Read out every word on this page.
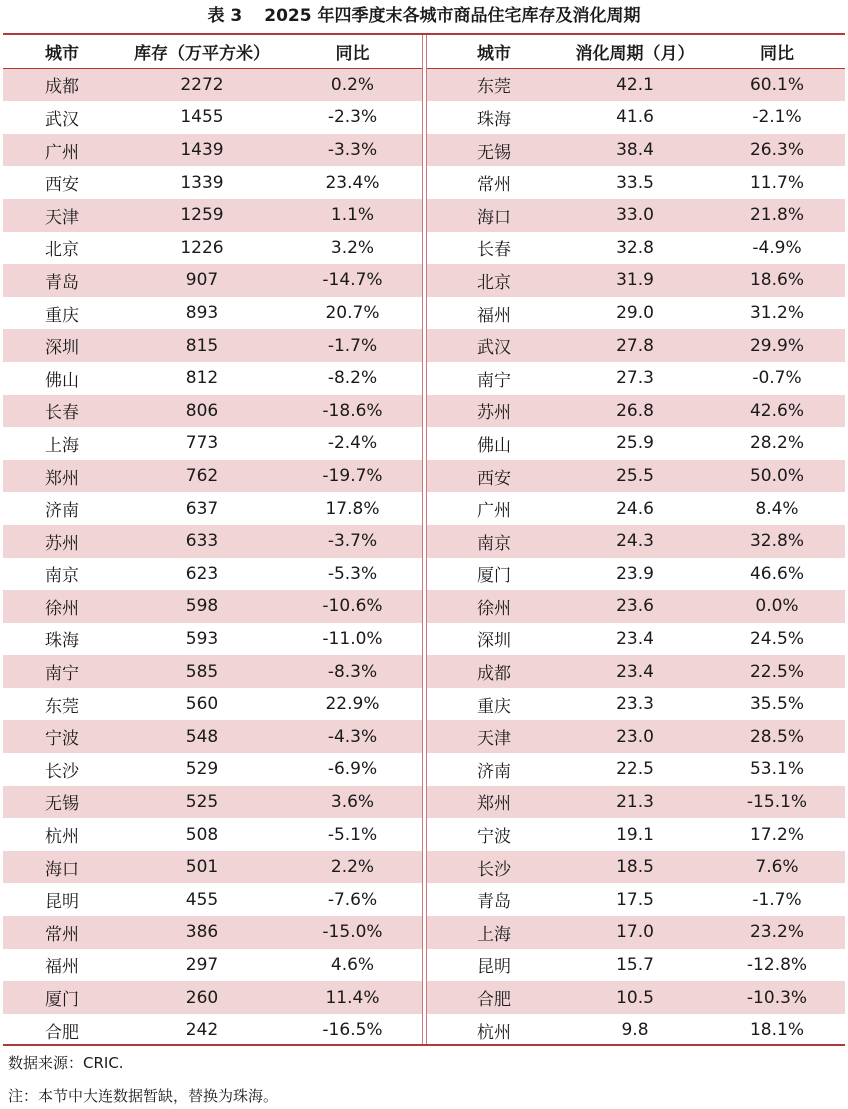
表 3 2025 年四季度末各城市商品住宅库存及消化周期
城市	库存（万平方米）	同比
成都	2272	0.2%
武汉	1455	-2.3%
广州	1439	-3.3%
西安	1339	23.4%
天津	1259	1.1%
北京	1226	3.2%
青岛	907	-14.7%
重庆	893	20.7%
深圳	815	-1.7%
佛山	812	-8.2%
长春	806	-18.6%
上海	773	-2.4%
郑州	762	-19.7%
济南	637	17.8%
苏州	633	-3.7%
南京	623	-5.3%
徐州	598	-10.6%
珠海	593	-11.0%
南宁	585	-8.3%
东莞	560	22.9%
宁波	548	-4.3%
长沙	529	-6.9%
无锡	525	3.6%
杭州	508	-5.1%
海口	501	2.2%
昆明	455	-7.6%
常州	386	-15.0%
福州	297	4.6%
厦门	260	11.4%
合肥	242	-16.5%
城市	消化周期（月）	同比
东莞	42.1	60.1%
珠海	41.6	-2.1%
无锡	38.4	26.3%
常州	33.5	11.7%
海口	33.0	21.8%
长春	32.8	-4.9%
北京	31.9	18.6%
福州	29.0	31.2%
武汉	27.8	29.9%
南宁	27.3	-0.7%
苏州	26.8	42.6%
佛山	25.9	28.2%
西安	25.5	50.0%
广州	24.6	8.4%
南京	24.3	32.8%
厦门	23.9	46.6%
徐州	23.6	0.0%
深圳	23.4	24.5%
成都	23.4	22.5%
重庆	23.3	35.5%
天津	23.0	28.5%
济南	22.5	53.1%
郑州	21.3	-15.1%
宁波	19.1	17.2%
长沙	18.5	7.6%
青岛	17.5	-1.7%
上海	17.0	23.2%
昆明	15.7	-12.8%
合肥	10.5	-10.3%
杭州	9.8	18.1%
数据来源：CRIC.
注：本节中大连数据暂缺，替换为珠海。
